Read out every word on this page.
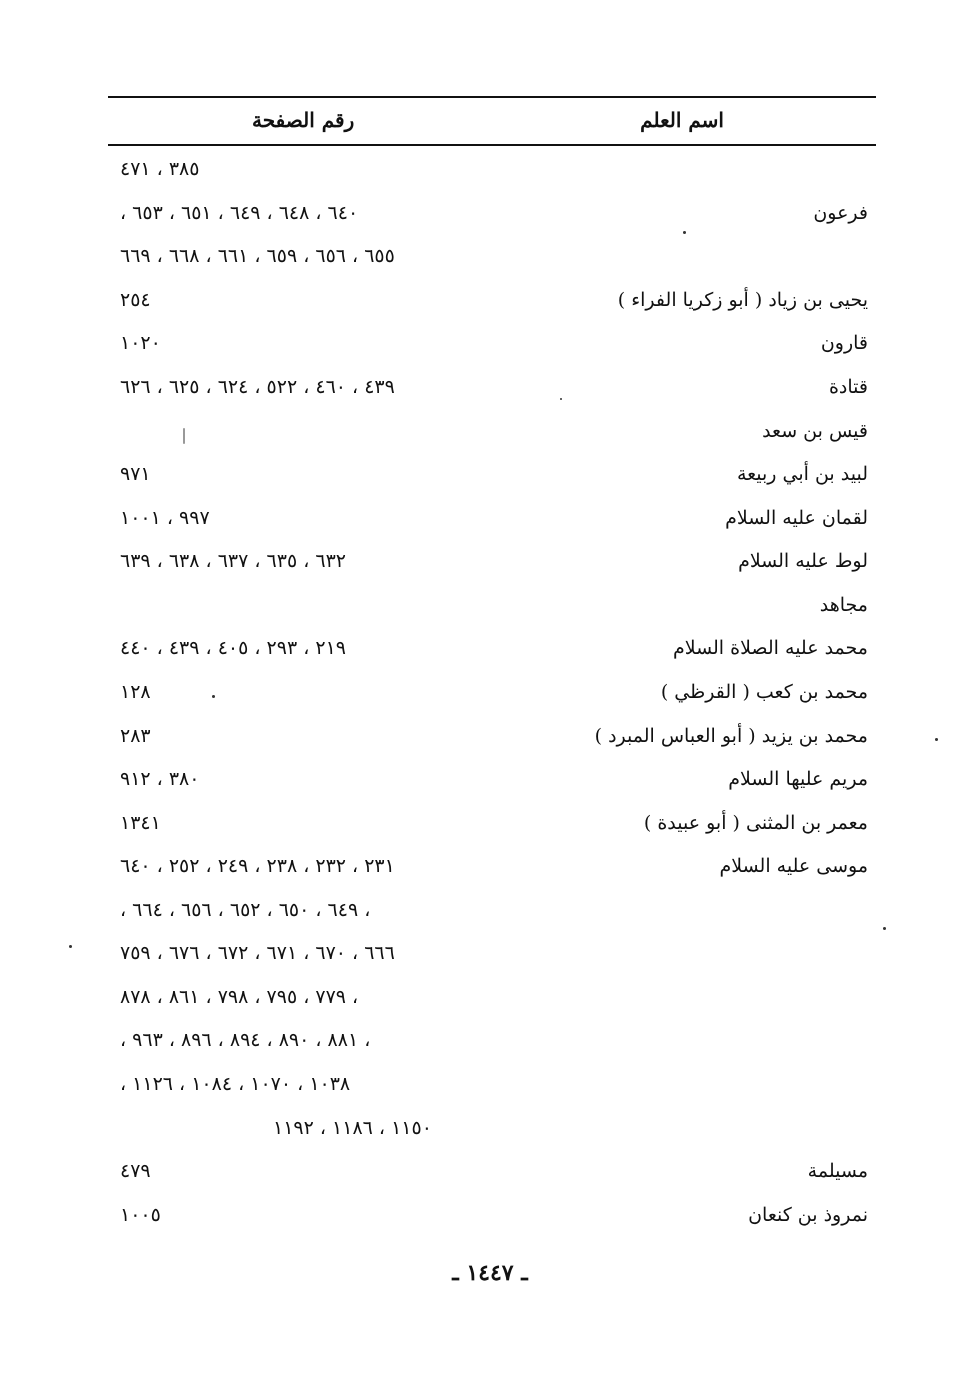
اسم العلم
رقم الصفحة
٣٨٥ ، ٤٧١
فرعون
٦٤٠ ، ٦٤٨ ، ٦٤٩ ، ٦٥١ ، ٦٥٣ ،
٦٥٥ ، ٦٥٦ ، ٦٥٩ ، ٦٦١ ، ٦٦٨ ، ٦٦٩
يحيى بن زياد ( أبو زكريا الفراء )
٢٥٤
قارون
١٠٢٠
قتادة
٤٣٩ ، ٤٦٠ ، ٥٢٢ ، ٦٢٤ ، ٦٢٥ ، ٦٢٦
قيس بن سعد
لبيد بن أبي ربيعة
٩٧١
لقمان عليه السلام
٩٩٧ ، ١٠٠١
لوط عليه السلام
٦٣٢ ، ٦٣٥ ، ٦٣٧ ، ٦٣٨ ، ٦٣٩
مجاهد
محمد عليه الصلاة السلام
٢١٩ ، ٢٩٣ ، ٤٠٥ ، ٤٣٩ ، ٤٤٠
محمد بن كعب ( القرظي )
١٢٨
محمد بن يزيد ( أبو العباس المبرد )
٢٨٣
مريم عليها السلام
٣٨٠ ، ٩١٢
معمر بن المثنى ( أبو عبيدة )
١٣٤١
موسى عليه السلام
٢٣١ ، ٢٣٢ ، ٢٣٨ ، ٢٤٩ ، ٢٥٢ ، ٦٤٠
، ٦٤٩ ، ٦٥٠ ، ٦٥٢ ، ٦٥٦ ، ٦٦٤ ،
٦٦٦ ، ٦٧٠ ، ٦٧١ ، ٦٧٢ ، ٦٧٦ ، ٧٥٩
، ٧٧٩ ، ٧٩٥ ، ٧٩٨ ، ٨٦١ ، ٨٧٨
، ٨٨١ ، ٨٩٠ ، ٨٩٤ ، ٨٩٦ ، ٩٦٣ ،
١٠٣٨ ، ١٠٧٠ ، ١٠٨٤ ، ١١٢٦ ،
١١٥٠ ، ١١٨٦ ، ١١٩٢
مسيلمة
٤٧٩
نمروذ بن كنعان
١٠٠٥
ـ ١٤٤٧ ـ
